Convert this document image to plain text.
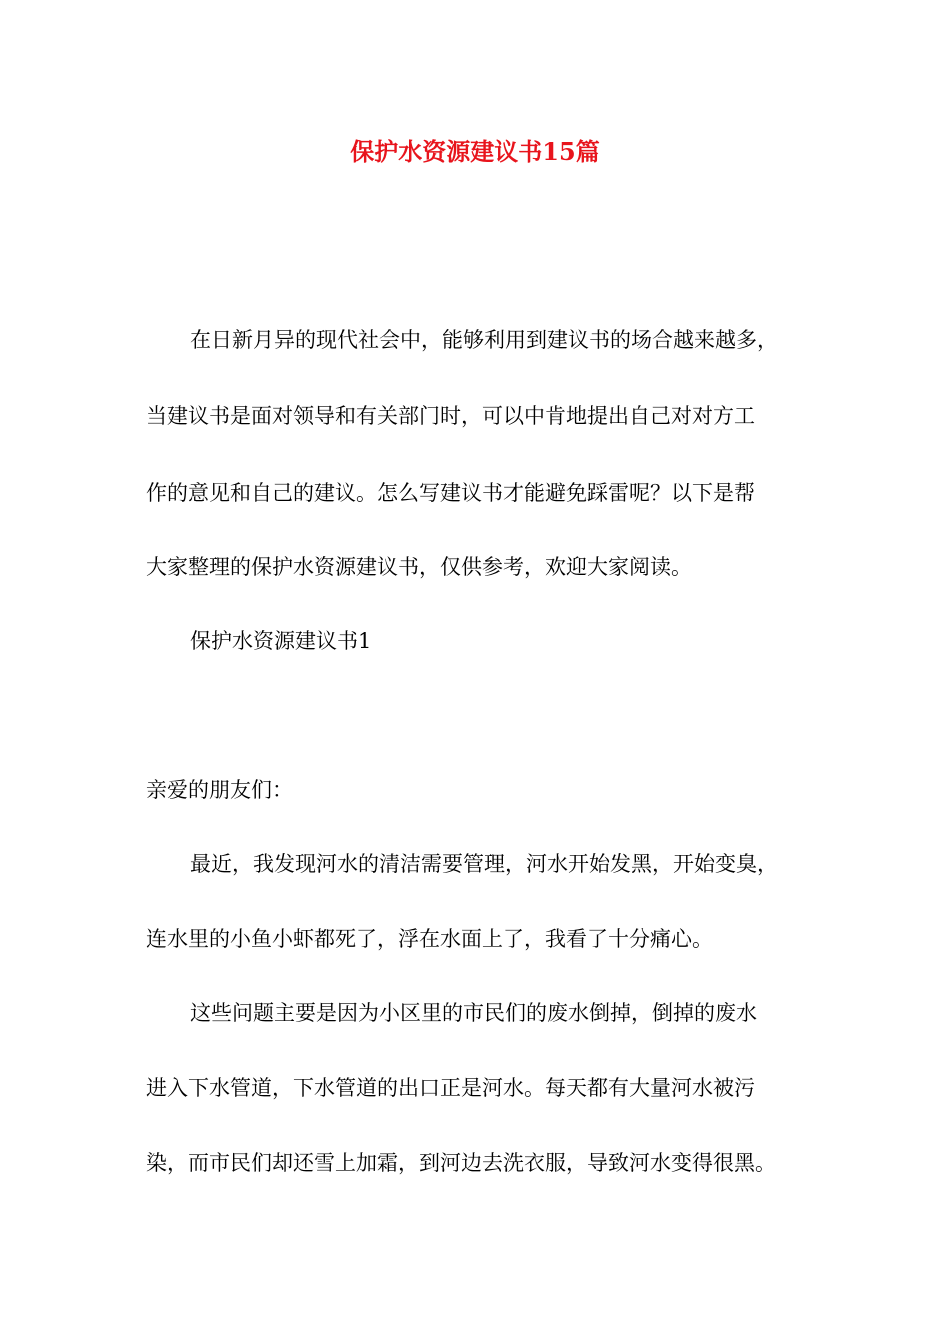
保护水资源建议书15篇
在日新月异的现代社会中，能够利用到建议书的场合越来越多，
当建议书是面对领导和有关部门时，可以中肯地提出自己对对方工
作的意见和自己的建议。怎么写建议书才能避免踩雷呢？以下是帮
大家整理的保护水资源建议书，仅供参考，欢迎大家阅读。
保护水资源建议书1
亲爱的朋友们：
最近，我发现河水的清洁需要管理，河水开始发黑，开始变臭，
连水里的小鱼小虾都死了，浮在水面上了，我看了十分痛心。
这些问题主要是因为小区里的市民们的废水倒掉，倒掉的废水
进入下水管道，下水管道的出口正是河水。每天都有大量河水被污
染，而市民们却还雪上加霜，到河边去洗衣服，导致河水变得很黑。
